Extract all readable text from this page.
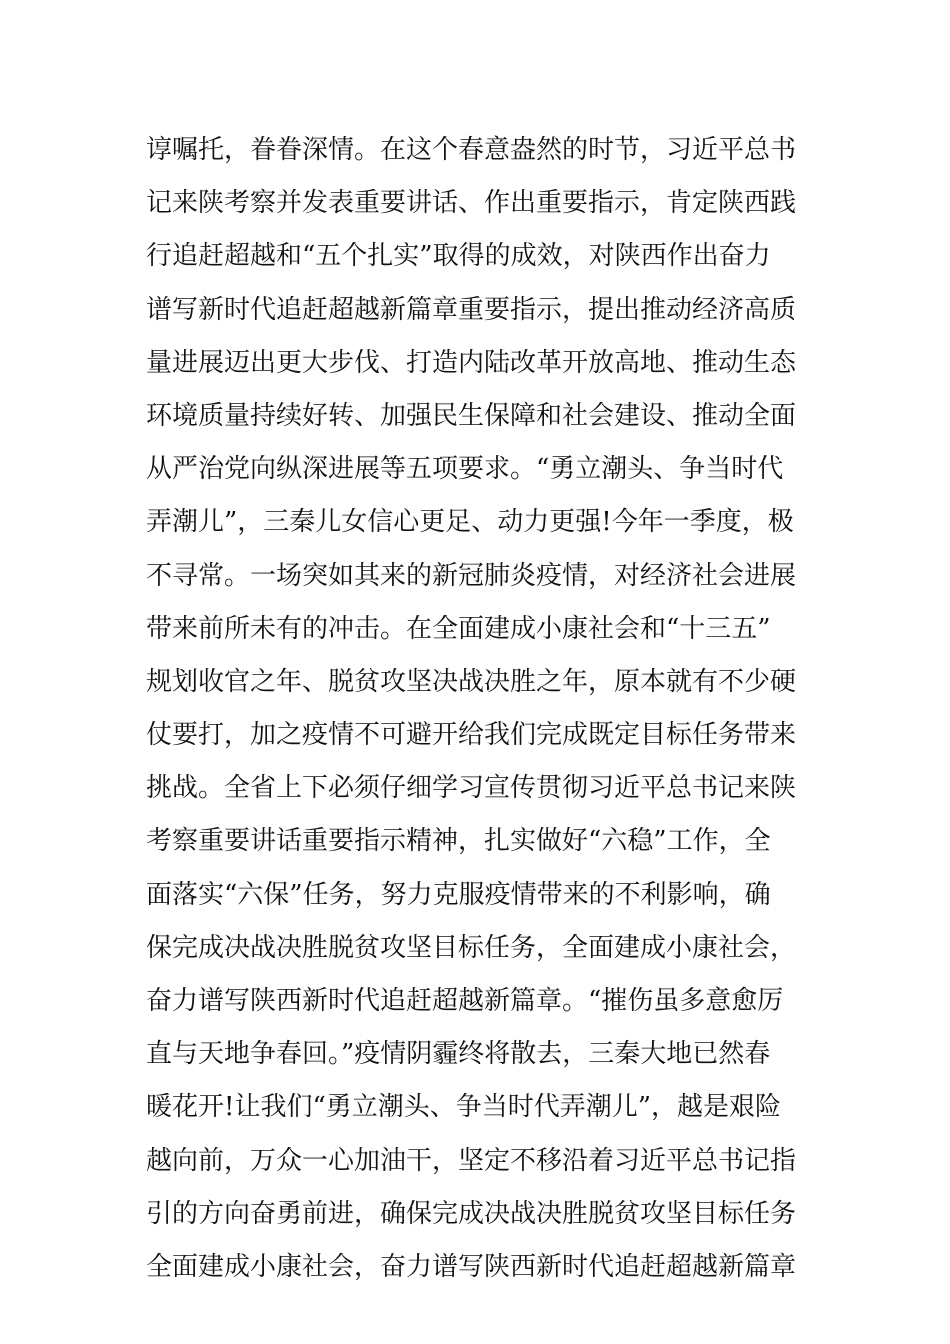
谆嘱托，眷眷深情。在这个春意盎然的时节，习近平总书
记来陕考察并发表重要讲话、作出重要指示，肯定陕西践
行追赶超越和“五个扎实”取得的成效，对陕西作出奋力
谱写新时代追赶超越新篇章重要指示，提出推动经济高质
量进展迈出更大步伐、打造内陆改革开放高地、推动生态
环境质量持续好转、加强民生保障和社会建设、推动全面
从严治党向纵深进展等五项要求。“勇立潮头、争当时代
弄潮儿”，三秦儿女信心更足、动力更强!今年一季度，极
不寻常。一场突如其来的新冠肺炎疫情，对经济社会进展
带来前所未有的冲击。在全面建成小康社会和“十三五”
规划收官之年、脱贫攻坚决战决胜之年，原本就有不少硬
仗要打，加之疫情不可避开给我们完成既定目标任务带来
挑战。全省上下必须仔细学习宣传贯彻习近平总书记来陕
考察重要讲话重要指示精神，扎实做好“六稳”工作，全
面落实“六保”任务，努力克服疫情带来的不利影响，确
保完成决战决胜脱贫攻坚目标任务，全面建成小康社会，
奋力谱写陕西新时代追赶超越新篇章。“摧伤虽多意愈厉
直与天地争春回。”疫情阴霾终将散去，三秦大地已然春
暖花开!让我们“勇立潮头、争当时代弄潮儿”，越是艰险
越向前，万众一心加油干，坚定不移沿着习近平总书记指
引的方向奋勇前进，确保完成决战决胜脱贫攻坚目标任务
全面建成小康社会，奋力谱写陕西新时代追赶超越新篇章
